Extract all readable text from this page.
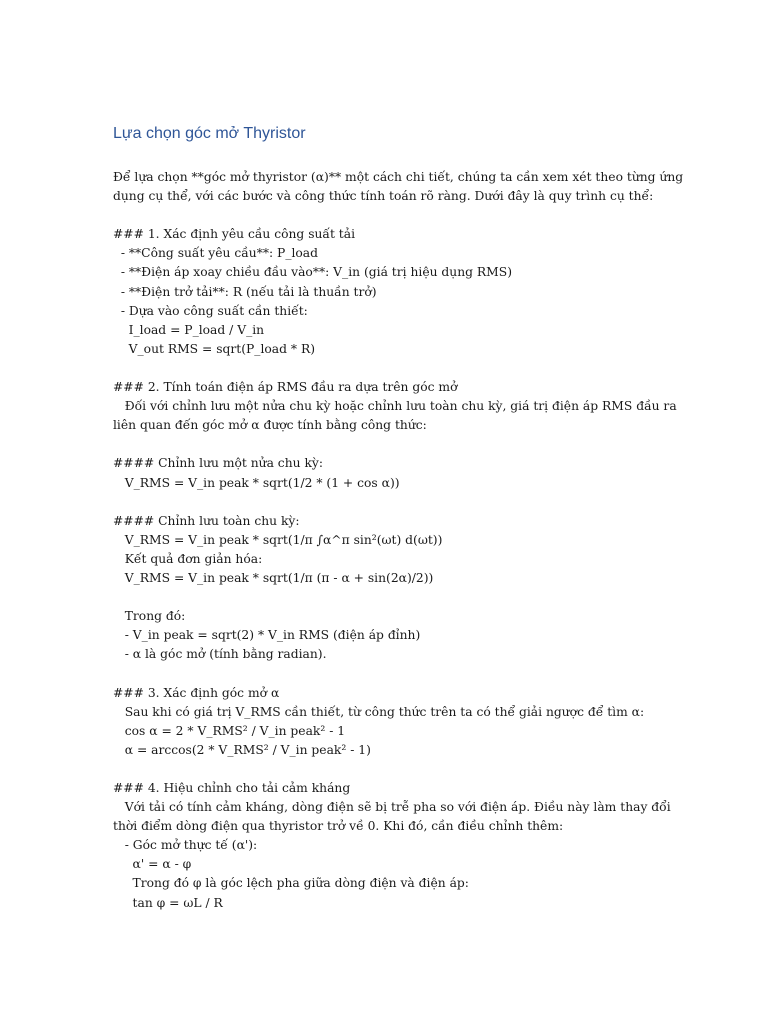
Lựa chọn góc mở Thyristor
Để lựa chọn **góc mở thyristor (α)** một cách chi tiết, chúng ta cần xem xét theo từng ứng
dụng cụ thể, với các bước và công thức tính toán rõ ràng. Dưới đây là quy trình cụ thể:
### 1. Xác định yêu cầu công suất tải
- **Công suất yêu cầu**: P_load
- **Điện áp xoay chiều đầu vào**: V_in (giá trị hiệu dụng RMS)
- **Điện trở tải**: R (nếu tải là thuần trở)
- Dựa vào công suất cần thiết:
I_load = P_load / V_in
V_out RMS = sqrt(P_load * R)
### 2. Tính toán điện áp RMS đầu ra dựa trên góc mở
Đối với chỉnh lưu một nửa chu kỳ hoặc chỉnh lưu toàn chu kỳ, giá trị điện áp RMS đầu ra
liên quan đến góc mở α được tính bằng công thức:
#### Chỉnh lưu một nửa chu kỳ:
V_RMS = V_in peak * sqrt(1/2 * (1 + cos α))
#### Chỉnh lưu toàn chu kỳ:
V_RMS = V_in peak * sqrt(1/π ∫α^π sin²(ωt) d(ωt))
Kết quả đơn giản hóa:
V_RMS = V_in peak * sqrt(1/π (π - α + sin(2α)/2))
Trong đó:
- V_in peak = sqrt(2) * V_in RMS (điện áp đỉnh)
- α là góc mở (tính bằng radian).
### 3. Xác định góc mở α
Sau khi có giá trị V_RMS cần thiết, từ công thức trên ta có thể giải ngược để tìm α:
cos α = 2 * V_RMS² / V_in peak² - 1
α = arccos(2 * V_RMS² / V_in peak² - 1)
### 4. Hiệu chỉnh cho tải cảm kháng
Với tải có tính cảm kháng, dòng điện sẽ bị trễ pha so với điện áp. Điều này làm thay đổi
thời điểm dòng điện qua thyristor trở về 0. Khi đó, cần điều chỉnh thêm:
- Góc mở thực tế (α'):
α' = α - φ
Trong đó φ là góc lệch pha giữa dòng điện và điện áp:
tan φ = ωL / R
